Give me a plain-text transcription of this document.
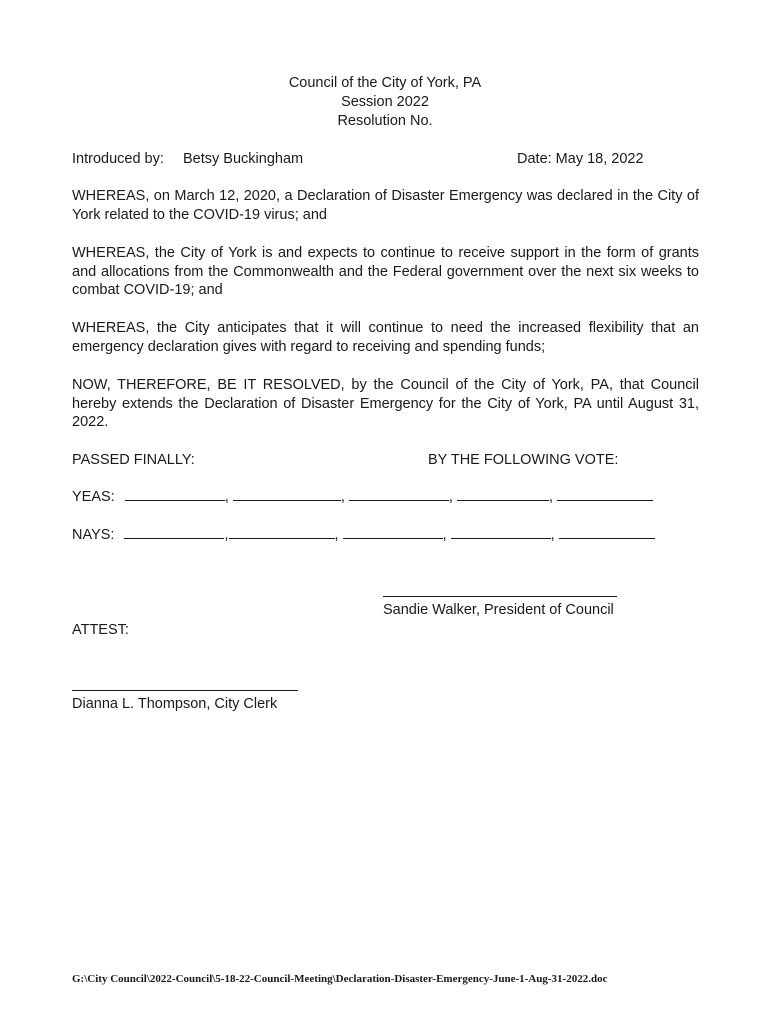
Council of the City of York, PA
Session 2022
Resolution No.
Introduced by: Betsy Buckingham	Date: May 18, 2022
WHEREAS, on March 12, 2020, a Declaration of Disaster Emergency was declared in the City of York related to the COVID-19 virus; and
WHEREAS, the City of York is and expects to continue to receive support in the form of grants and allocations from the Commonwealth and the Federal government over the next six weeks to combat COVID-19; and
WHEREAS, the City anticipates that it will continue to need the increased flexibility that an emergency declaration gives with regard to receiving and spending funds;
NOW, THEREFORE, BE IT RESOLVED, by the Council of the City of York, PA, that Council hereby extends the Declaration of Disaster Emergency for the City of York, PA until August 31, 2022.
PASSED FINALLY:	BY THE FOLLOWING VOTE:
YEAS:	,	,	,	,
NAYS:	,	,	,	,
Sandie Walker, President of Council
ATTEST:
Dianna L. Thompson, City Clerk
G:\City Council\2022-Council\5-18-22-Council-Meeting\Declaration-Disaster-Emergency-June-1-Aug-31-2022.doc
